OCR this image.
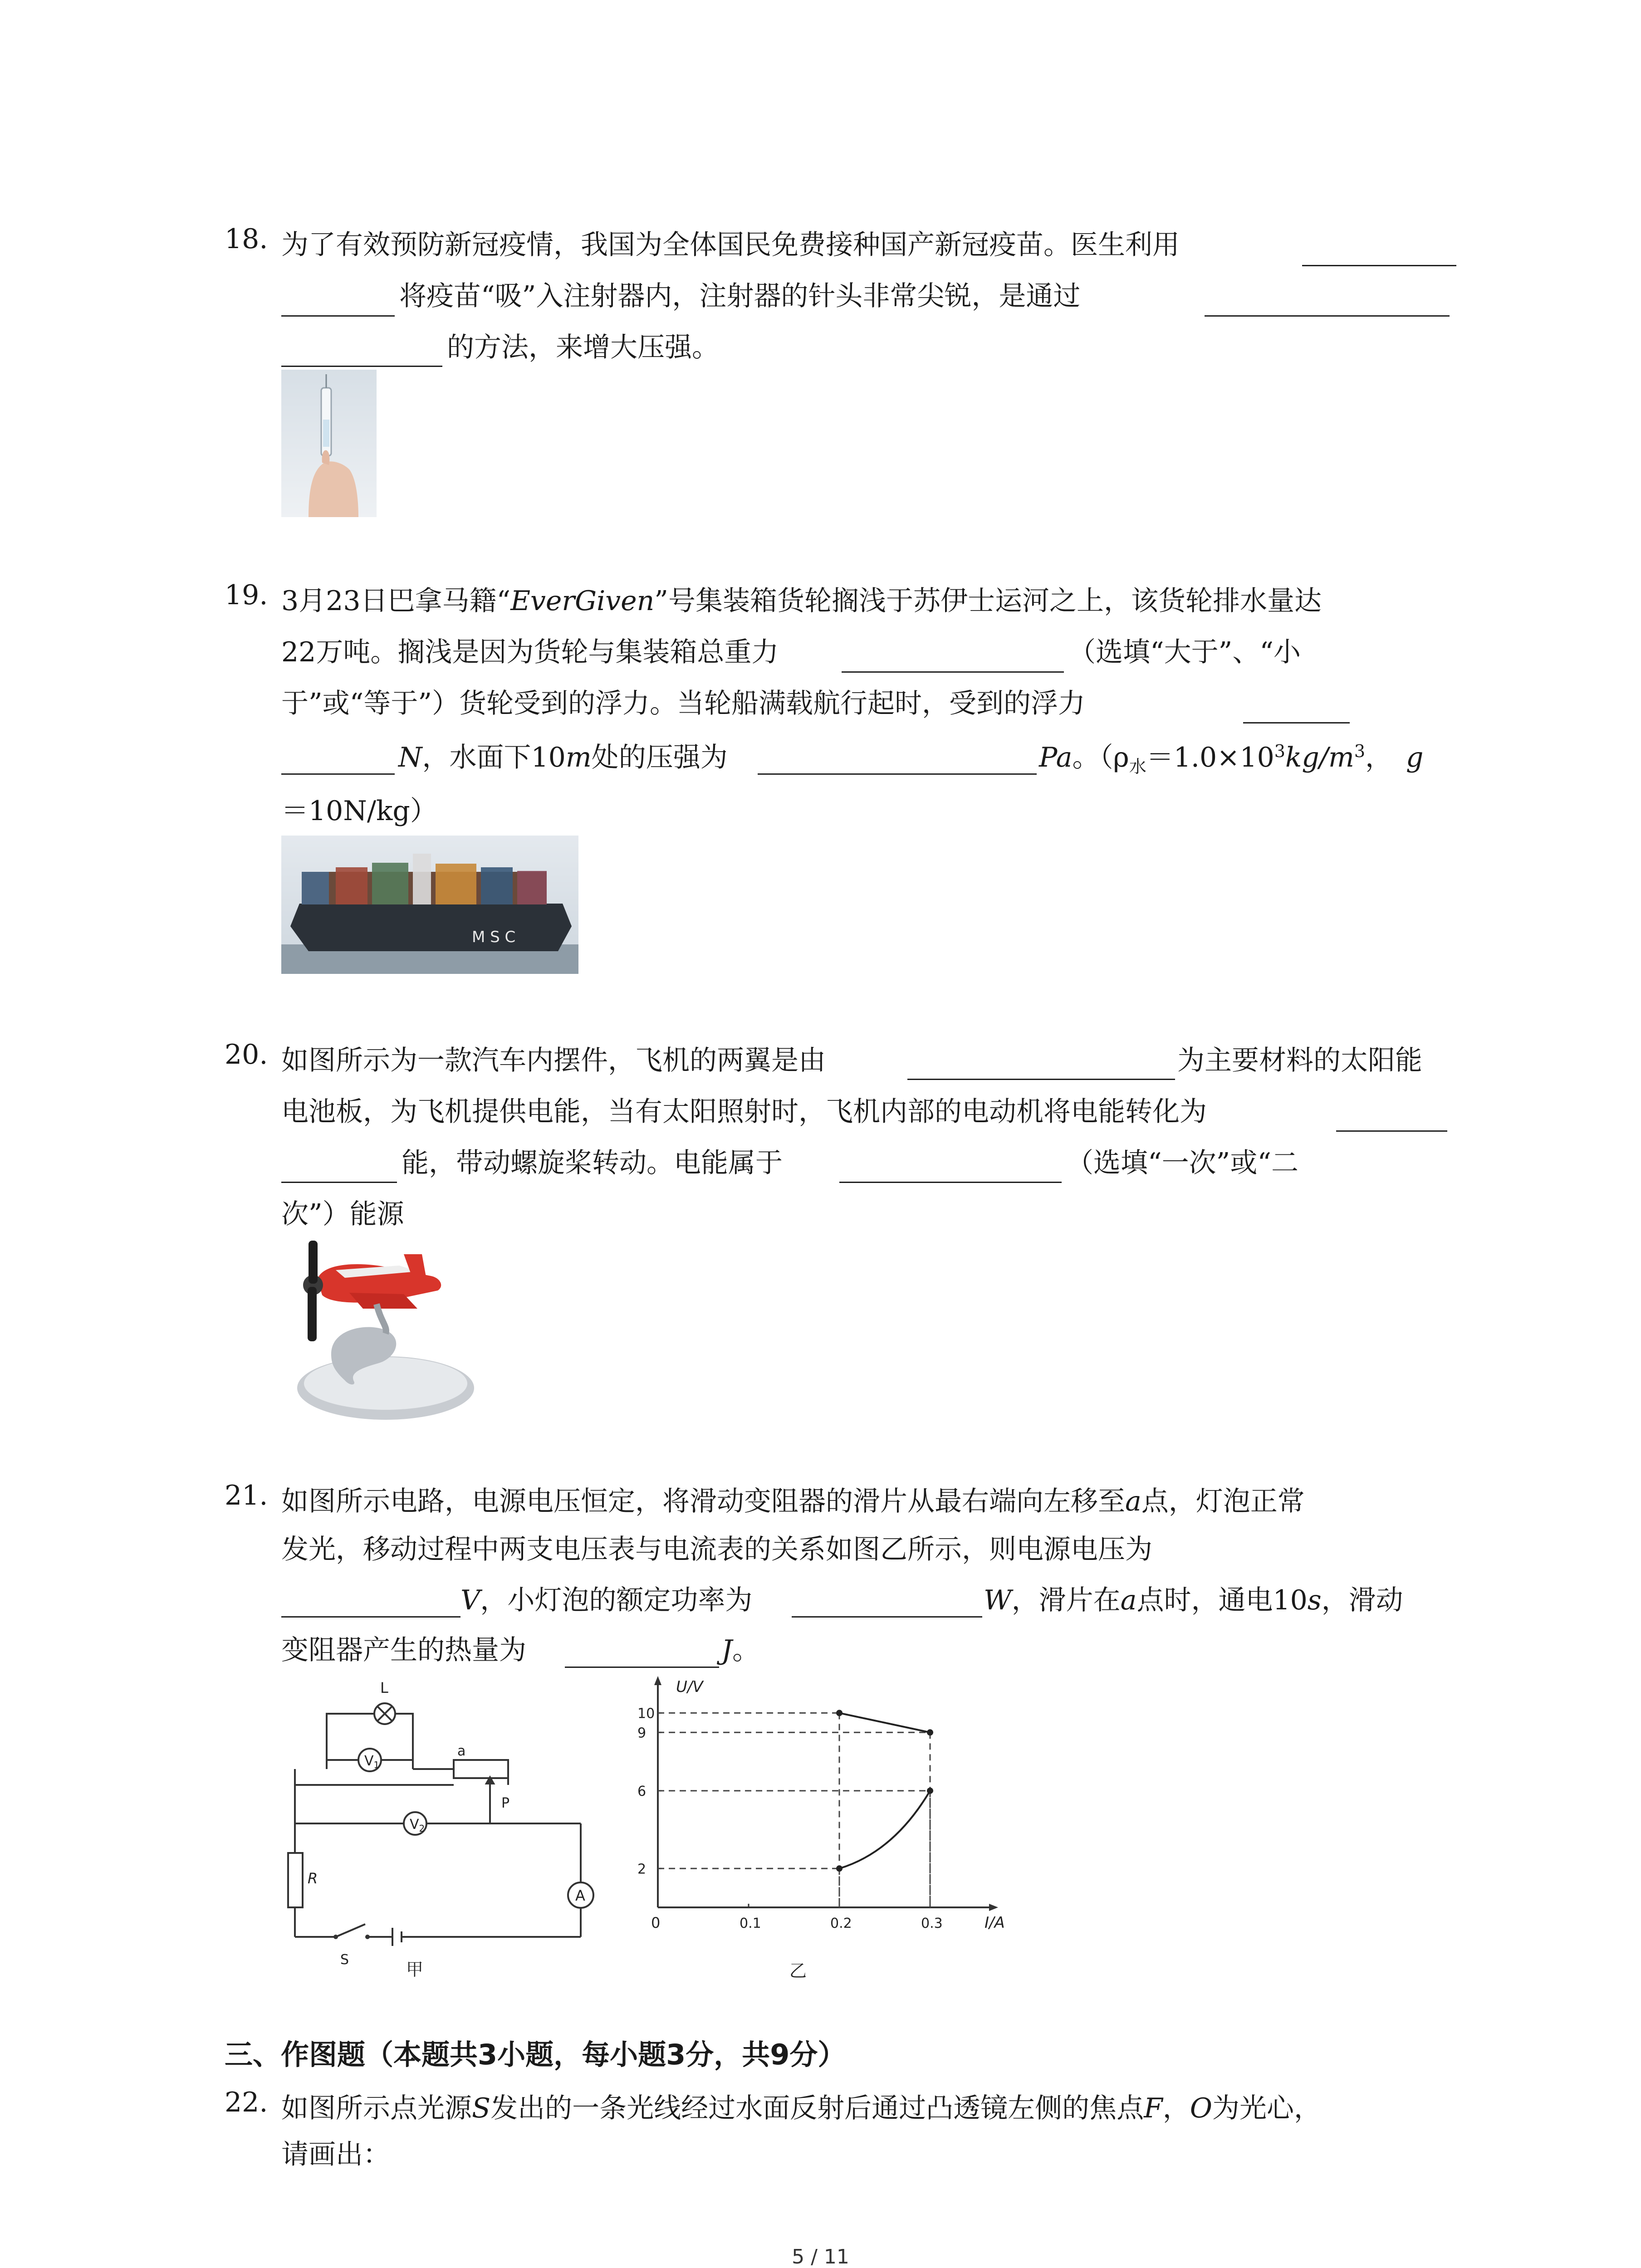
18. 为了有效预防新冠疫情，我国为全体国民免费接种国产新冠疫苗。医生利用
将疫苗“吸”入注射器内，注射器的针头非常尖锐，是通过
的方法，来增大压强。
19. 3月23日巴拿马籍“EverGiven”号集装箱货轮搁浅于苏伊士运河之上，该货轮排水量达
22万吨。搁浅是因为货轮与集装箱总重力	（选填“大于”、“小
于”或“等于”）货轮受到的浮力。当轮船满载航行起时，受到的浮力
N，水面下10m处的压强为	Pa。（$\rho_水=1.0\times 10^3kg/m^3$， g
＝10N/kg）
M S C
20. 如图所示为一款汽车内摆件，飞机的两翼是由	为主要材料的太阳能
电池板，为飞机提供电能，当有太阳照射时，飞机内部的电动机将电能转化为
能，带动螺旋桨转动。电能属于	（选填“一次”或“二
次”）能源
21. 如图所示电路，电源电压恒定，将滑动变阻器的滑片从最右端向左移至a点，灯泡正常
发光，移动过程中两支电压表与电流表的关系如图乙所示，则电源电压为
V，小灯泡的额定功率为	W，滑片在a点时，通电10s，滑动
变阻器产生的热量为	J。
L
$V_1$
$V_2$
a
P
R
A
S	甲
U/V
I/A
0	0.1	0.2	0.3
2
6
9
10
乙
三、作图题（本题共3小题，每小题3分，共9分）
22. 如图所示点光源S发出的一条光线经过水面反射后通过凸透镜左侧的焦点F，O为光心，
请画出：
5 / 11
